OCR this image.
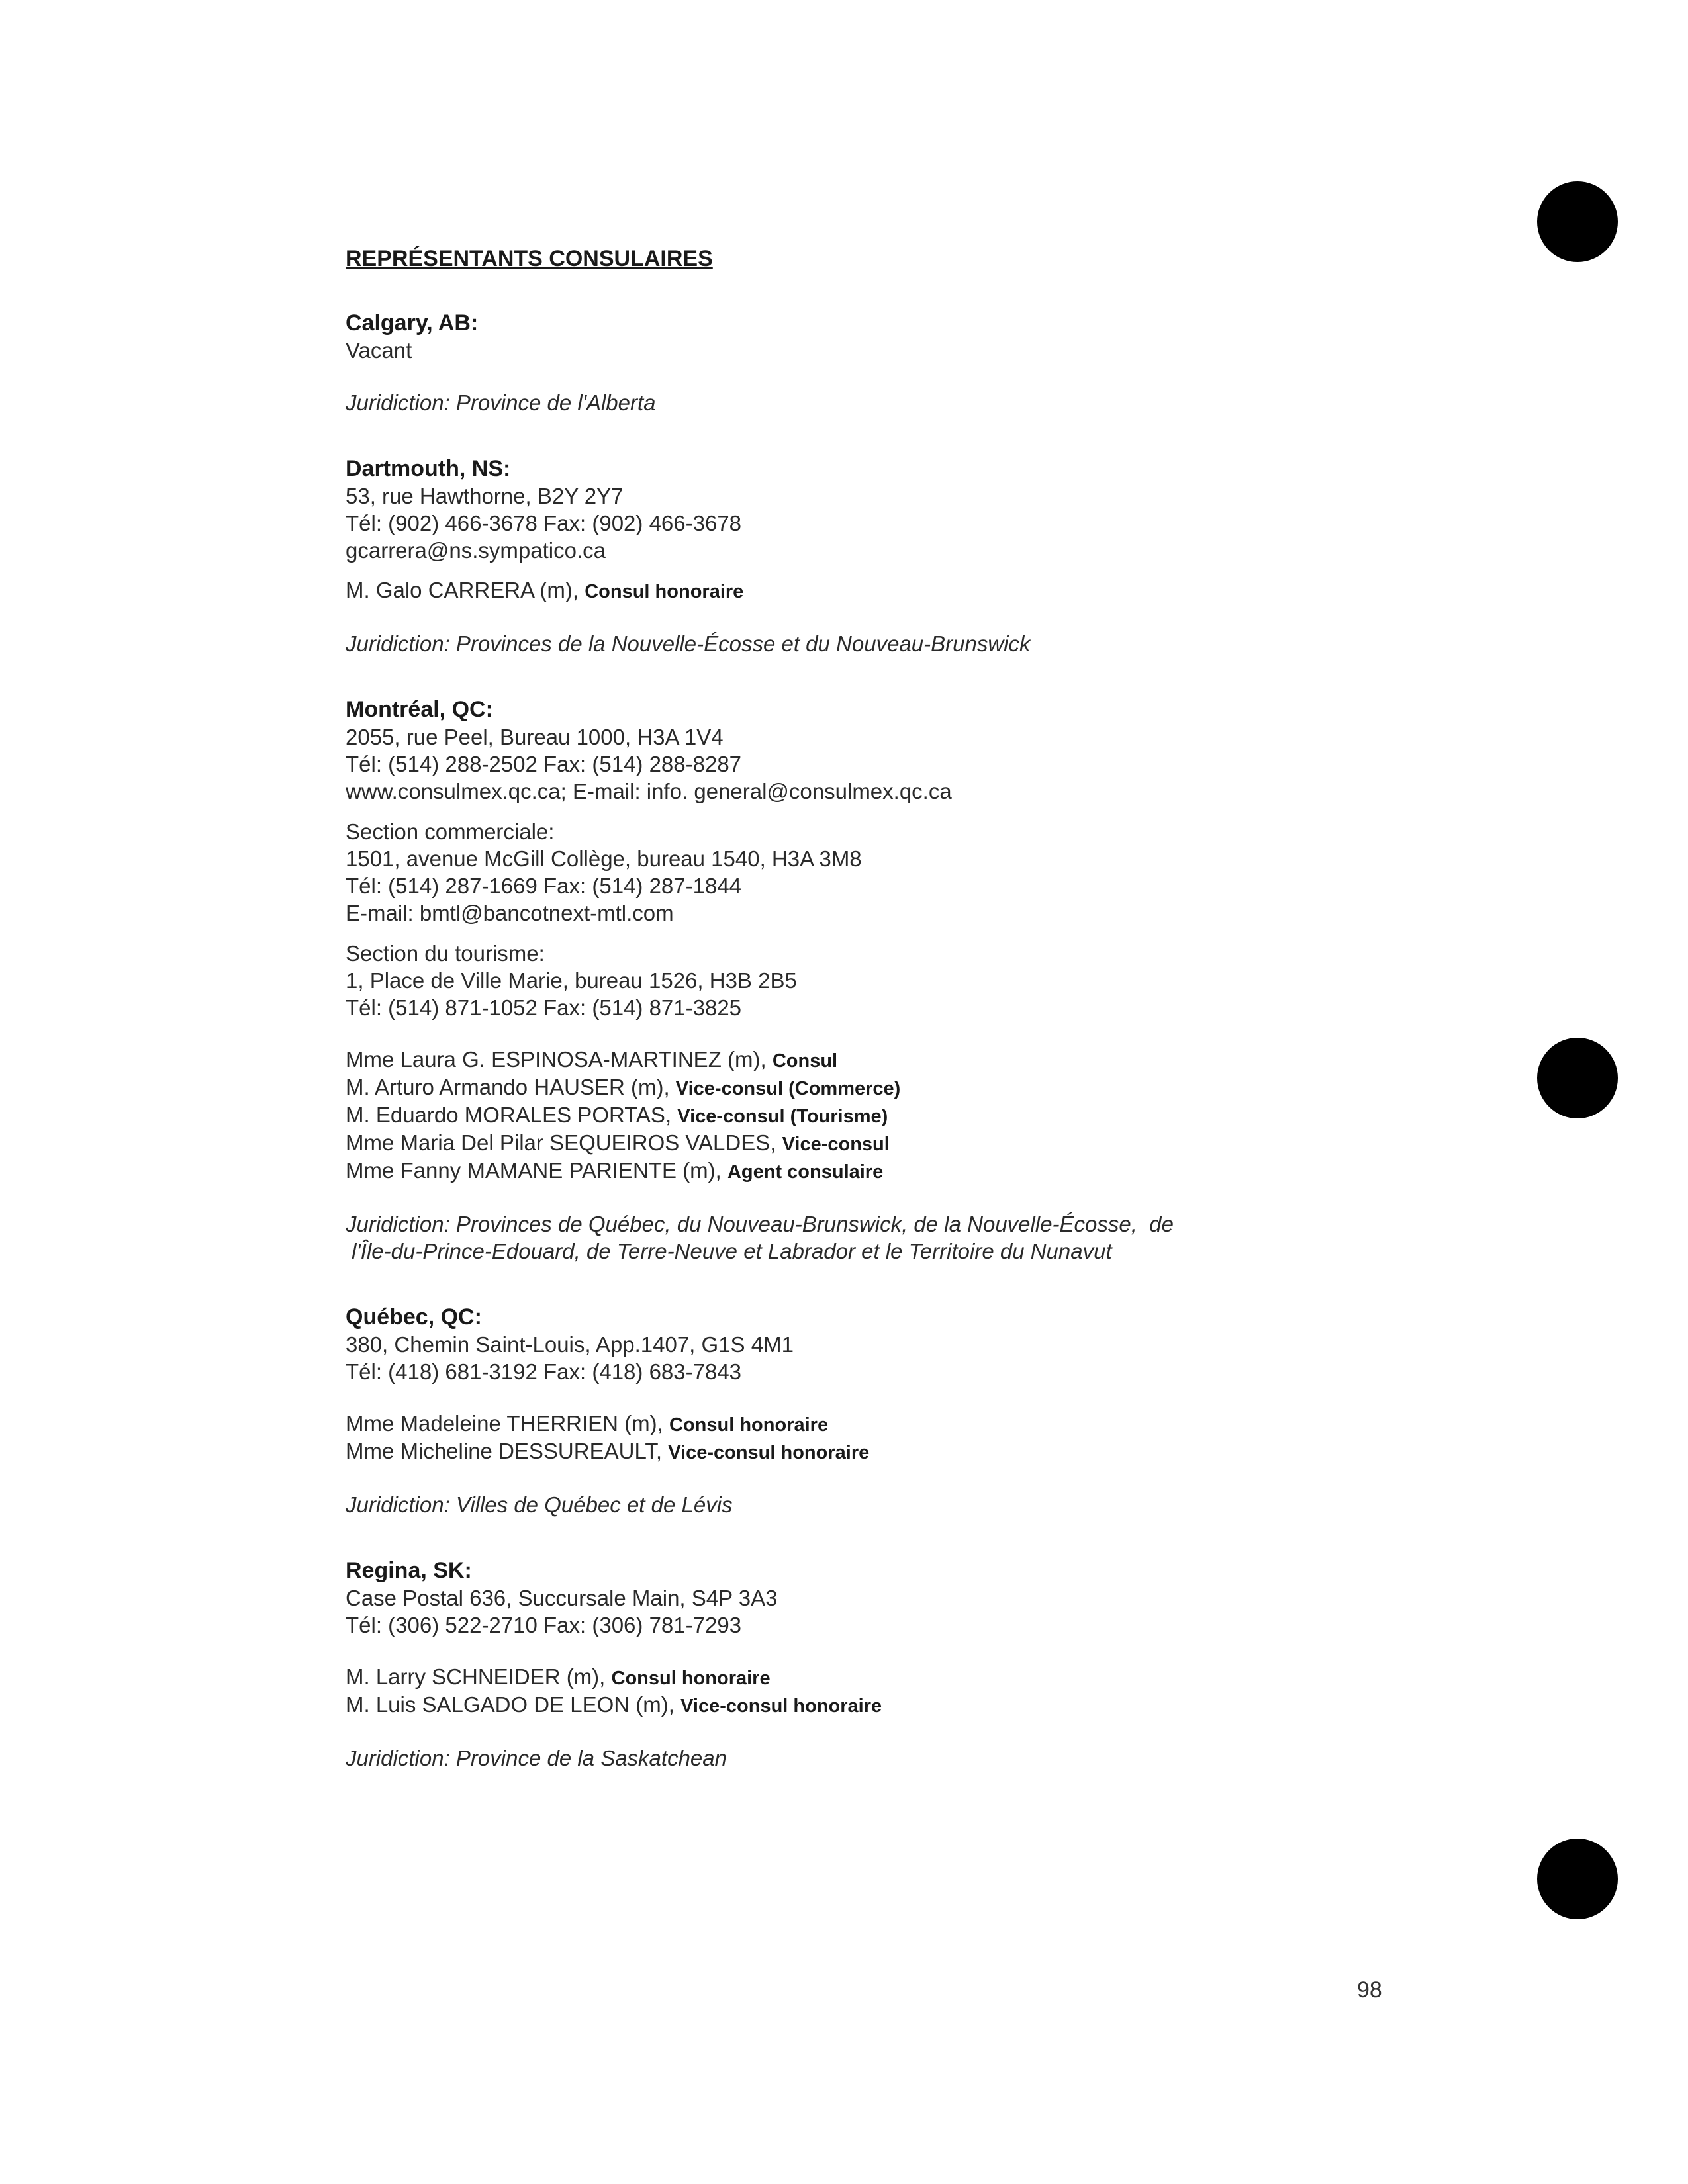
REPRÉSENTANTS CONSULAIRES
Calgary, AB:
Vacant
Juridiction: Province de l'Alberta
Dartmouth, NS:
53, rue Hawthorne, B2Y 2Y7
Tél: (902) 466-3678 Fax: (902) 466-3678
gcarrera@ns.sympatico.ca
M. Galo CARRERA (m), Consul honoraire
Juridiction: Provinces de la Nouvelle-Écosse et du Nouveau-Brunswick
Montréal, QC:
2055, rue Peel, Bureau 1000, H3A 1V4
Tél: (514) 288-2502 Fax: (514) 288-8287
www.consulmex.qc.ca; E-mail: info. general@consulmex.qc.ca
Section commerciale:
1501, avenue McGill Collège, bureau 1540, H3A 3M8
Tél: (514) 287-1669 Fax: (514) 287-1844
E-mail: bmtl@bancotnext-mtl.com
Section du tourisme:
1, Place de Ville Marie, bureau 1526, H3B 2B5
Tél: (514) 871-1052 Fax: (514) 871-3825
Mme Laura G. ESPINOSA-MARTINEZ (m), Consul
M. Arturo Armando HAUSER (m), Vice-consul (Commerce)
M. Eduardo MORALES PORTAS, Vice-consul (Tourisme)
Mme Maria Del Pilar SEQUEIROS VALDES, Vice-consul
Mme Fanny MAMANE PARIENTE (m), Agent consulaire
Juridiction: Provinces de Québec, du Nouveau-Brunswick, de la Nouvelle-Écosse,  de
l'Île-du-Prince-Edouard, de Terre-Neuve et Labrador et le Territoire du Nunavut
Québec, QC:
380, Chemin Saint-Louis, App.1407, G1S 4M1
Tél: (418) 681-3192 Fax: (418) 683-7843
Mme Madeleine THERRIEN (m), Consul honoraire
Mme Micheline DESSUREAULT, Vice-consul honoraire
Juridiction: Villes de Québec et de Lévis
Regina, SK:
Case Postal 636, Succursale Main, S4P 3A3
Tél: (306) 522-2710 Fax: (306) 781-7293
M. Larry SCHNEIDER (m), Consul honoraire
M. Luis SALGADO DE LEON (m), Vice-consul honoraire
Juridiction: Province de la Saskatchean
98
